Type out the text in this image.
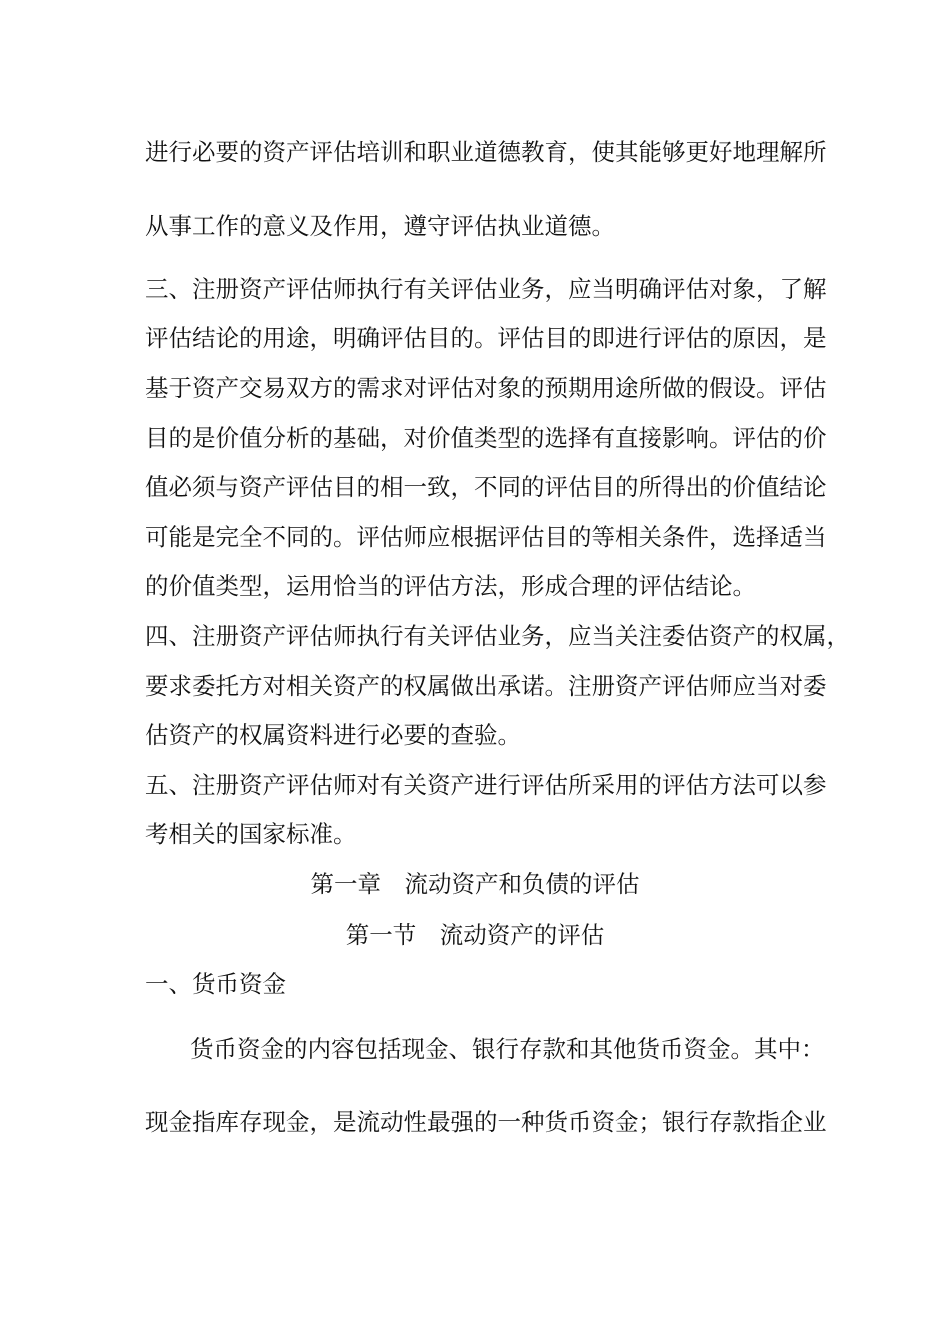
进行必要的资产评估培训和职业道德教育，使其能够更好地理解所
从事工作的意义及作用，遵守评估执业道德。
三、注册资产评估师执行有关评估业务，应当明确评估对象，了解
评估结论的用途，明确评估目的。评估目的即进行评估的原因，是
基于资产交易双方的需求对评估对象的预期用途所做的假设。评估
目的是价值分析的基础，对价值类型的选择有直接影响。评估的价
值必须与资产评估目的相一致，不同的评估目的所得出的价值结论
可能是完全不同的。评估师应根据评估目的等相关条件，选择适当
的价值类型，运用恰当的评估方法，形成合理的评估结论。
四、注册资产评估师执行有关评估业务，应当关注委估资产的权属，
要求委托方对相关资产的权属做出承诺。注册资产评估师应当对委
估资产的权属资料进行必要的查验。
五、注册资产评估师对有关资产进行评估所采用的评估方法可以参
考相关的国家标准。
第一章　流动资产和负债的评估
第一节　流动资产的评估
一、货币资金
货币资金的内容包括现金、银行存款和其他货币资金。其中：
现金指库存现金，是流动性最强的一种货币资金；银行存款指企业
